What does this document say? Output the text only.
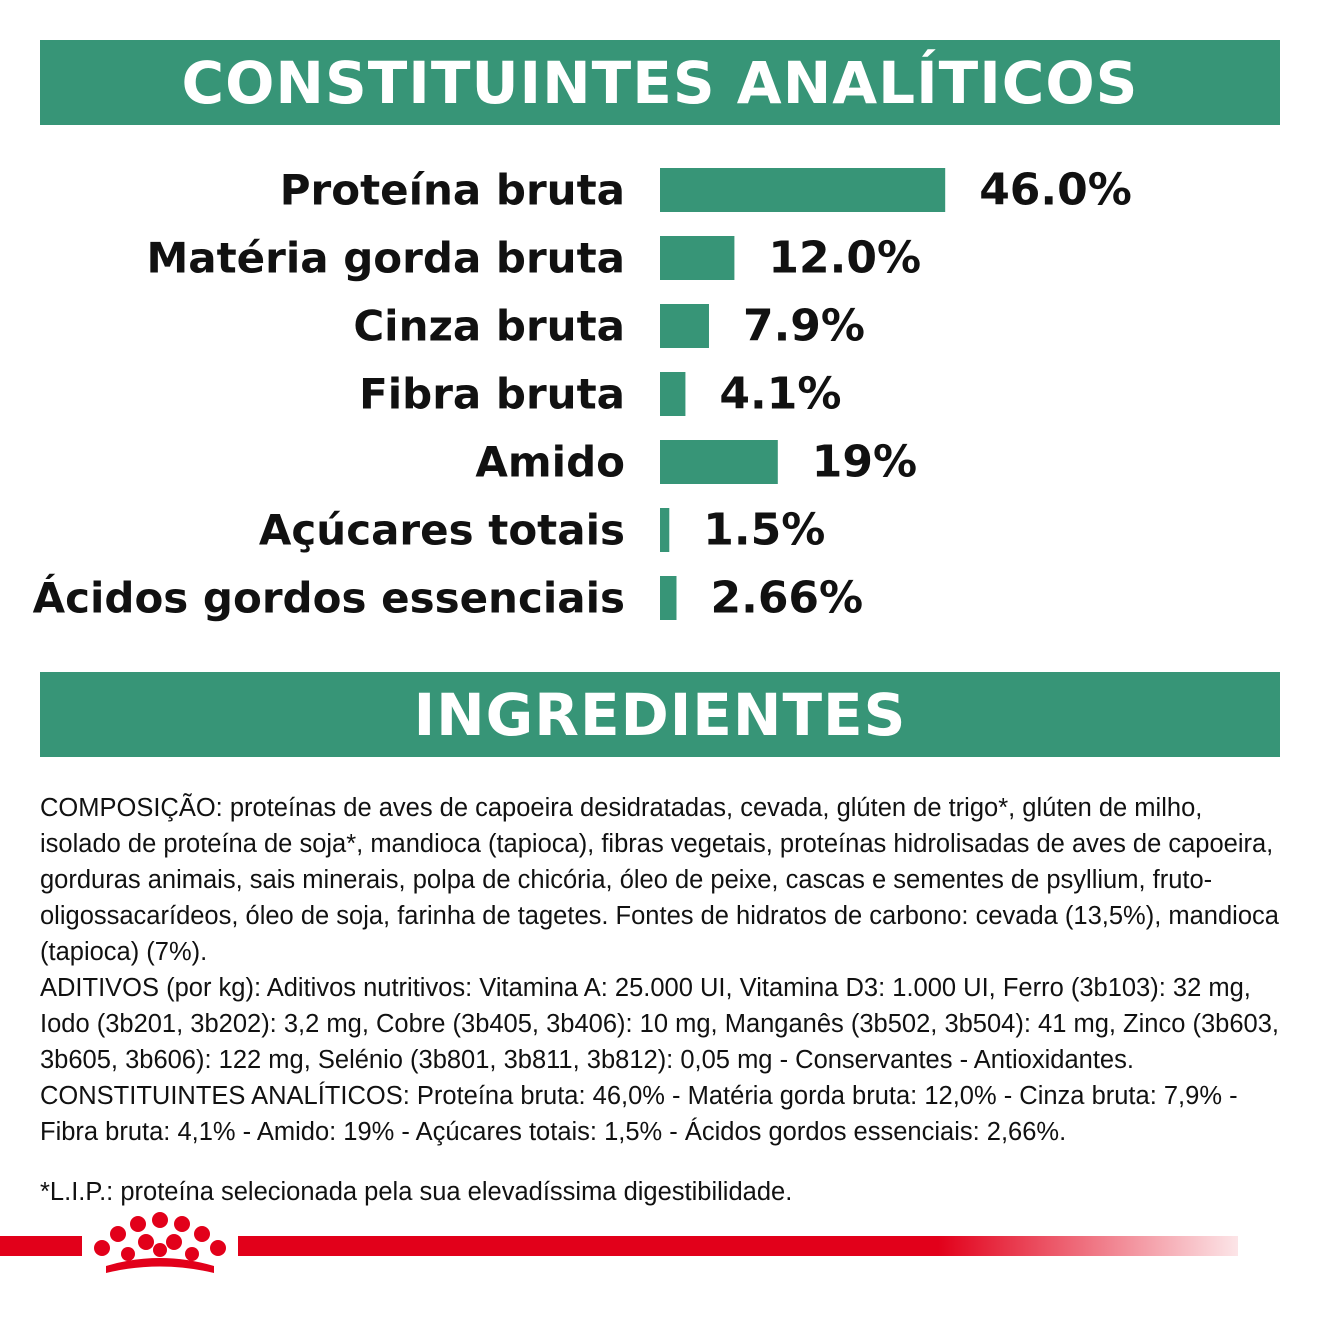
CONSTITUINTES ANALÍTICOS
Proteína bruta	46.0%
Matéria gorda bruta	12.0%
Cinza bruta	7.9%
Fibra bruta 4.1%
Amido	19%
Açúcares totais 1.5%
Ácidos gordos essenciais 2.66%
INGREDIENTES

COMPOSIÇÃO: proteínas de aves de capoeira desidratadas, cevada, glúten de trigo*, glúten de milho, isolado de proteína de soja*, mandioca (tapioca), fibras vegetais, proteínas hidrolisadas de aves de capoeira, gorduras animais, sais minerais, polpa de chicória, óleo de peixe, cascas e sementes de psyllium, fruto-oligossacarídeos, óleo de soja, farinha de tagetes. Fontes de hidratos de carbono: cevada (13,5%), mandioca (tapioca) (7%).

ADITIVOS (por kg): Aditivos nutritivos: Vitamina A: 25.000 UI, Vitamina D3: 1.000 UI, Ferro (3b103): 32 mg, Iodo (3b201, 3b202): 3,2 mg, Cobre (3b405, 3b406): 10 mg, Manganês (3b502, 3b504): 41 mg, Zinco (3b603, 3b605, 3b606): 122 mg, Selénio (3b801, 3b811, 3b812): 0,05 mg - Conservantes - Antioxidantes.

CONSTITUINTES ANALÍTICOS: Proteína bruta: 46,0% - Matéria gorda bruta: 12,0% - Cinza bruta: 7,9% - Fibra bruta: 4,1% - Amido: 19% - Açúcares totais: 1,5% - Ácidos gordos essenciais: 2,66%.

*L.I.P.: proteína selecionada pela sua elevadíssima digestibilidade.
